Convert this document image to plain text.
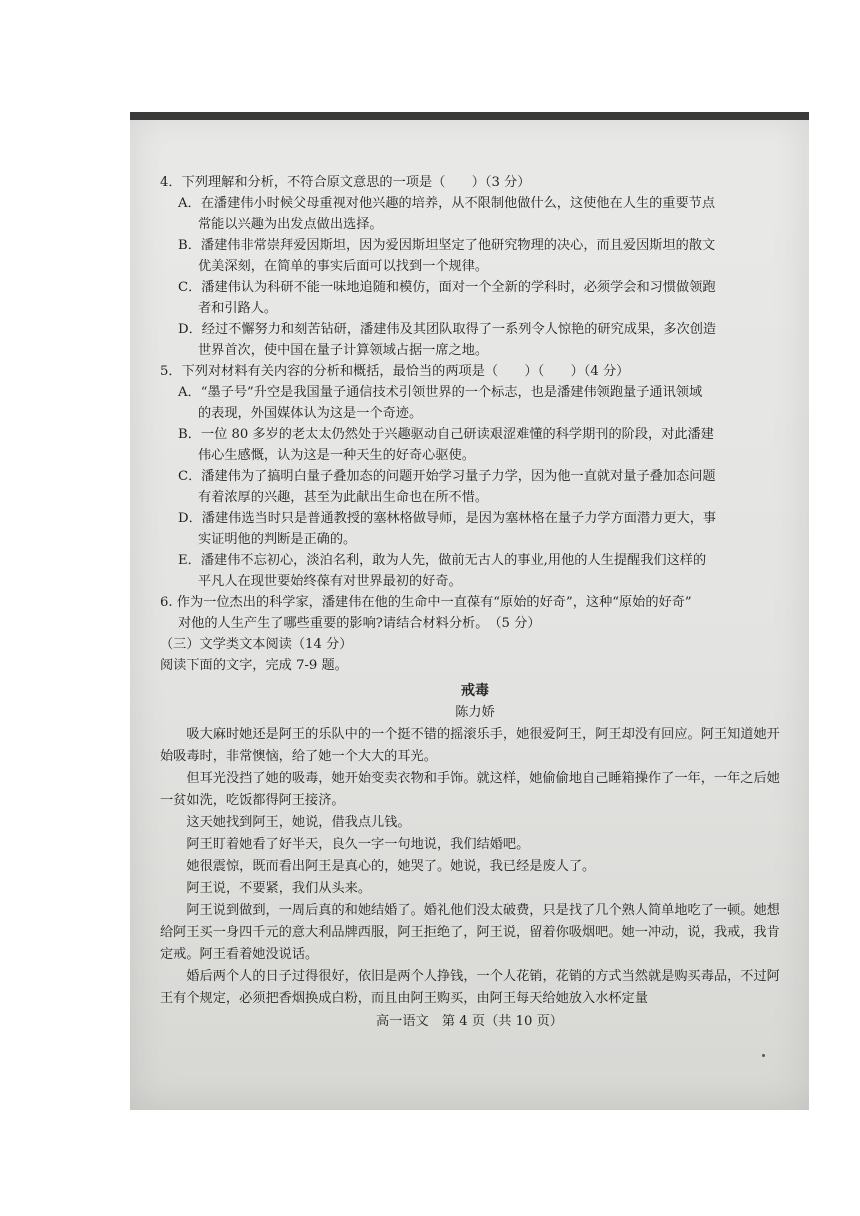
4．下列理解和分析，不符合原文意思的一项是（　　）（3 分）

A．在潘建伟小时候父母重视对他兴趣的培养，从不限制他做什么，这使他在人生的重要节点

常能以兴趣为出发点做出选择。

B．潘建伟非常崇拜爱因斯坦，因为爱因斯坦坚定了他研究物理的决心，而且爱因斯坦的散文

优美深刻，在简单的事实后面可以找到一个规律。

C．潘建伟认为科研不能一味地追随和模仿，面对一个全新的学科时，必须学会和习惯做领跑

者和引路人。

D．经过不懈努力和刻苦钻研，潘建伟及其团队取得了一系列令人惊艳的研究成果，多次创造

世界首次，使中国在量子计算领域占据一席之地。

5．下列对材料有关内容的分析和概括，最恰当的两项是（　　）（　　）（4 分）

A．“墨子号”升空是我国量子通信技术引领世界的一个标志，也是潘建伟领跑量子通讯领域

的表现，外国媒体认为这是一个奇迹。

B．一位 80 多岁的老太太仍然处于兴趣驱动自己研读艰涩难懂的科学期刊的阶段，对此潘建

伟心生感慨，认为这是一种天生的好奇心驱使。

C．潘建伟为了搞明白量子叠加态的问题开始学习量子力学，因为他一直就对量子叠加态问题

有着浓厚的兴趣，甚至为此献出生命也在所不惜。

D．潘建伟选当时只是普通教授的塞林格做导师，是因为塞林格在量子力学方面潜力更大，事

实证明他的判断是正确的。

E．潘建伟不忘初心，淡泊名利，敢为人先，做前无古人的事业,用他的人生提醒我们这样的

平凡人在现世要始终葆有对世界最初的好奇。

6. 作为一位杰出的科学家，潘建伟在他的生命中一直葆有“原始的好奇”，这种“原始的好奇”

对他的人生产生了哪些重要的影响?请结合材料分析。　（5 分）

（三）文学类文本阅读（14 分）

阅读下面的文字，完成 7-9 题。

戒毒
陈力娇

吸大麻时她还是阿王的乐队中的一个挺不错的摇滚乐手，她很爱阿王，阿王却没有回应。阿王知道她开始吸毒时，非常懊恼，给了她一个大大的耳光。

但耳光没挡了她的吸毒，她开始变卖衣物和手饰。就这样，她偷偷地自己睡箱操作了一年，一年之后她一贫如洗，吃饭都得阿王接济。

这天她找到阿王，她说，借我点儿钱。

阿王盯着她看了好半天，良久一字一句地说，我们结婚吧。

她很震惊，既而看出阿王是真心的，她哭了。她说，我已经是废人了。

阿王说，不要紧，我们从头来。

阿王说到做到，一周后真的和她结婚了。婚礼他们没太破费，只是找了几个熟人简单地吃了一顿。她想给阿王买一身四千元的意大利品牌西服，阿王拒绝了，阿王说，留着你吸烟吧。她一冲动，说，我戒，我肯定戒。阿王看着她没说话。

婚后两个人的日子过得很好，依旧是两个人挣钱，一个人花销，花销的方式当然就是购买毒品，不过阿王有个规定，必须把香烟换成白粉，而且由阿王购买，由阿王每天给她放入水杯定量

高一语文　第 4 页（共 10 页）
